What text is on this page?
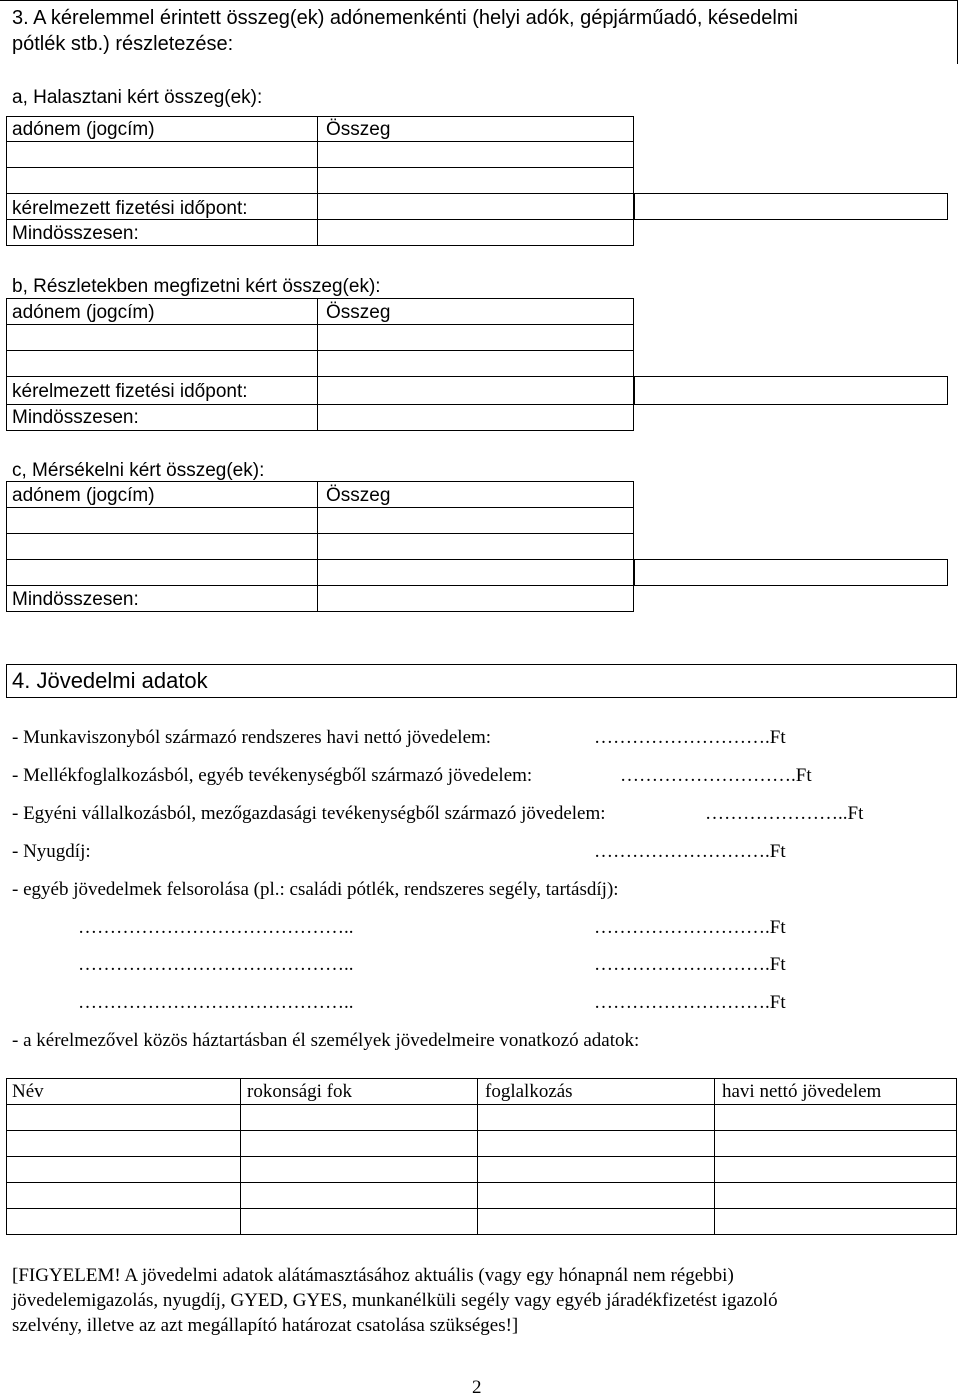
3. A kérelemmel érintett összeg(ek) adónemenkénti (helyi adók, gépjárműadó, késedelmi
pótlék stb.) részletezése:
a, Halasztani kért összeg(ek):
adónem (jogcím)	Összeg
kérelmezett fizetési időpont:
Mindösszesen:
b, Részletekben megfizetni kért összeg(ek):
adónem (jogcím)	Összeg
kérelmezett fizetési időpont:
Mindösszesen:
c, Mérsékelni kért összeg(ek):
adónem (jogcím)	Összeg
Mindösszesen:
4. Jövedelmi adatok
- Munkaviszonyból származó rendszeres havi nettó jövedelem:	……………………….Ft
- Mellékfoglalkozásból, egyéb tevékenységből származó jövedelem:	……………………….Ft
- Egyéni vállalkozásból, mezőgazdasági tevékenységből származó jövedelem:	…………………..Ft
- Nyugdíj:	……………………….Ft
- egyéb jövedelmek felsorolása (pl.: családi pótlék, rendszeres segély, tartásdíj):
……………………………………..	……………………….Ft
……………………………………..	……………………….Ft
……………………………………..	……………………….Ft
- a kérelmezővel közös háztartásban él személyek jövedelmeire vonatkozó adatok:
Név	rokonsági fok	foglalkozás	havi nettó jövedelem
[FIGYELEM! A jövedelmi adatok alátámasztásához aktuális (vagy egy hónapnál nem régebbi)
jövedelemigazolás, nyugdíj, GYED, GYES, munkanélküli segély vagy egyéb járadékfizetést igazoló
szelvény, illetve az azt megállapító határozat csatolása szükséges!]
2
